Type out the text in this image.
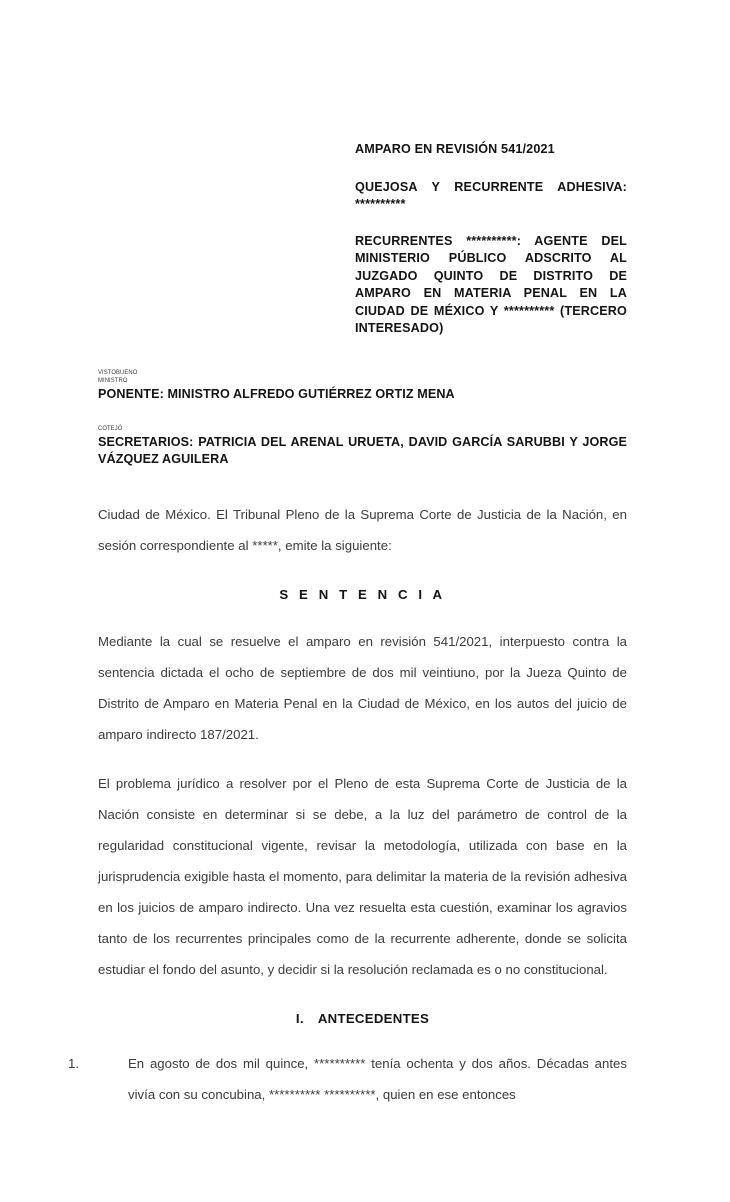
AMPARO EN REVISIÓN 541/2021

QUEJOSA Y RECURRENTE ADHESIVA: **********

RECURRENTES **********: AGENTE DEL MINISTERIO PÚBLICO ADSCRITO AL JUZGADO QUINTO DE DISTRITO DE AMPARO EN MATERIA PENAL EN LA CIUDAD DE MÉXICO Y ********** (TERCERO INTERESADO)

VISTOBUENO

MINISTRO

PONENTE: MINISTRO ALFREDO GUTIÉRREZ ORTIZ MENA

COTEJÓ

SECRETARIOS: PATRICIA DEL ARENAL URUETA, DAVID GARCÍA SARUBBI Y JORGE VÁZQUEZ AGUILERA

Ciudad de México. El Tribunal Pleno de la Suprema Corte de Justicia de la Nación, en sesión correspondiente al *****, emite la siguiente:

S E N T E N C I A

Mediante la cual se resuelve el amparo en revisión 541/2021, interpuesto contra la sentencia dictada el ocho de septiembre de dos mil veintiuno, por la Jueza Quinto de Distrito de Amparo en Materia Penal en la Ciudad de México, en los autos del juicio de amparo indirecto 187/2021.

El problema jurídico a resolver por el Pleno de esta Suprema Corte de Justicia de la Nación consiste en determinar si se debe, a la luz del parámetro de control de la regularidad constitucional vigente, revisar la metodología, utilizada con base en la jurisprudencia exigible hasta el momento, para delimitar la materia de la revisión adhesiva en los juicios de amparo indirecto. Una vez resuelta esta cuestión, examinar los agravios tanto de los recurrentes principales como de la recurrente adherente, donde se solicita estudiar el fondo del asunto, y decidir si la resolución reclamada es o no constitucional.

I. ANTECEDENTES
1.	En agosto de dos mil quince, ********** tenía ochenta y dos años. Décadas antes vivía con su concubina, ********** **********, quien en ese entonces
